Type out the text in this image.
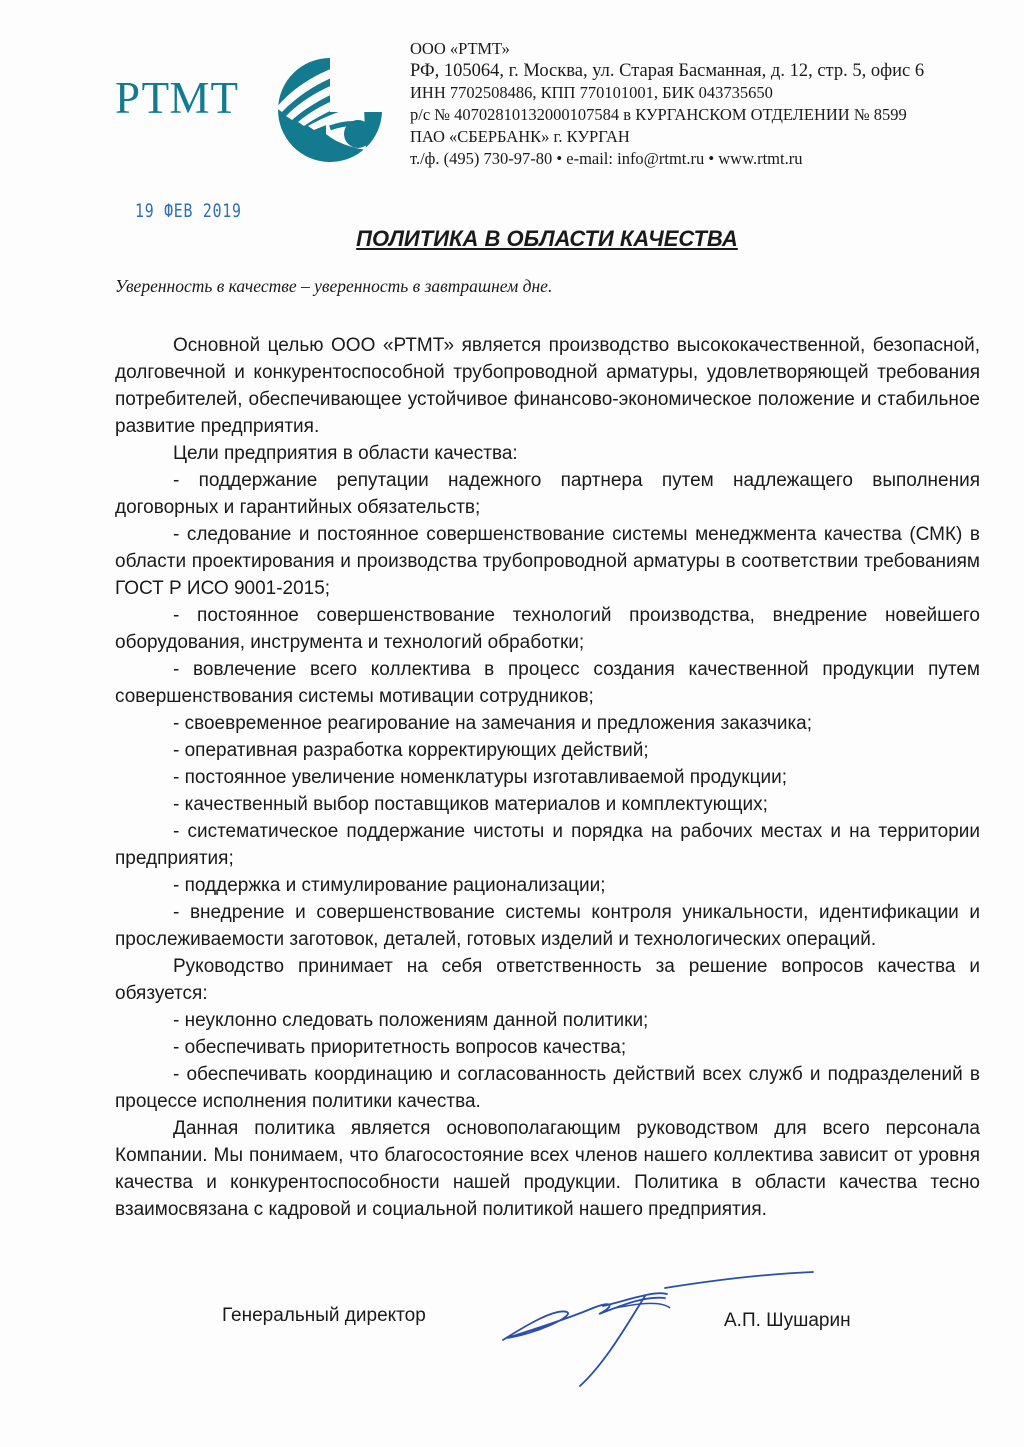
РТМТ
ООО «РТМТ»
РФ, 105064, г. Москва, ул. Старая Басманная, д. 12, стр. 5, офис 6
ИНН 7702508486, КПП 770101001, БИК 043735650
р/с № 40702810132000107584 в КУРГАНСКОМ ОТДЕЛЕНИИ № 8599
ПАО «СБЕРБАНК» г. КУРГАН
т./ф. (495) 730-97-80 • e-mail: info@rtmt.ru • www.rtmt.ru
19 ФЕВ 2019
ПОЛИТИКА В ОБЛАСТИ КАЧЕСТВА
Уверенность в качестве – уверенность в завтрашнем дне.

Основной целью ООО «РТМТ» является производство высококачественной, безопасной, долговечной и конкурентоспособной трубопроводной арматуры, удовлетворяющей требования потребителей, обеспечивающее устойчивое финансово-экономическое положение и стабильное развитие предприятия.

Цели предприятия в области качества:

- поддержание репутации надежного партнера путем надлежащего выполнения договорных и гарантийных обязательств;

- следование и постоянное совершенствование системы менеджмента качества (СМК) в области проектирования и производства трубопроводной арматуры в соответствии требованиям ГОСТ Р ИСО 9001-2015;

- постоянное совершенствование технологий производства, внедрение новейшего оборудования, инструмента и технологий обработки;

- вовлечение всего коллектива в процесс создания качественной продукции путем совершенствования системы мотивации сотрудников;

- своевременное реагирование на замечания и предложения заказчика;

- оперативная разработка корректирующих действий;

- постоянное увеличение номенклатуры изготавливаемой продукции;

- качественный выбор поставщиков материалов и комплектующих;

- систематическое поддержание чистоты и порядка на рабочих местах и на территории предприятия;

- поддержка и стимулирование рационализации;

- внедрение и совершенствование системы контроля уникальности, идентификации и прослеживаемости заготовок, деталей, готовых изделий и технологических операций.

Руководство принимает на себя ответственность за решение вопросов качества и обязуется:

- неуклонно следовать положениям данной политики;

- обеспечивать приоритетность вопросов качества;

- обеспечивать координацию и согласованность действий всех служб и подразделений в процессе исполнения политики качества.

Данная политика является основополагающим руководством для всего персонала Компании. Мы понимаем, что благосостояние всех членов нашего коллектива зависит от уровня качества и конкурентоспособности нашей продукции. Политика в области качества тесно взаимосвязана с кадровой и социальной политикой нашего предприятия.

Генеральный директор	А.П. Шушарин
